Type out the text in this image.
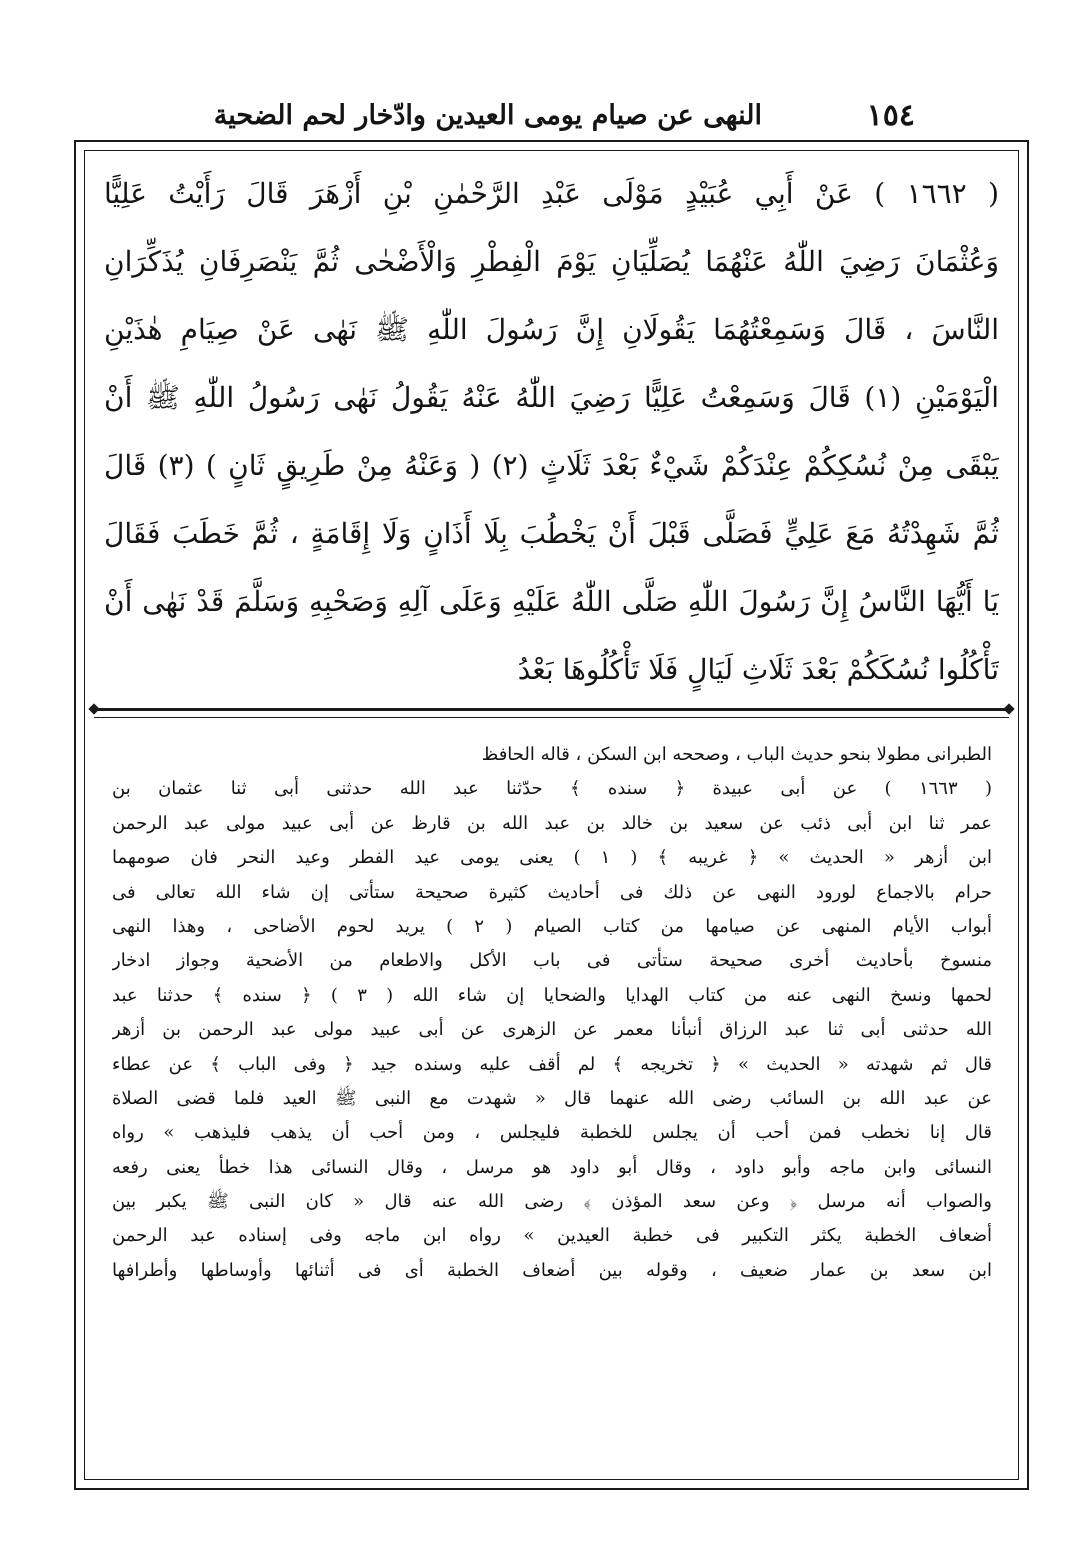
١٥٤
النهى عن صيام يومى العيدين وادّخار لحم الضحية
( ١٦٦٢ ) عَنْ أَبِي عُبَيْدٍ مَوْلَى عَبْدِ الرَّحْمٰنِ بْنِ أَزْهَرَ قَالَ رَأَيْتُ عَلِيًّا
وَعُثْمَانَ رَضِيَ اللّٰهُ عَنْهُمَا يُصَلِّيَانِ يَوْمَ الْفِطْرِ وَالْأَضْحٰى ثُمَّ يَنْصَرِفَانِ يُذَكِّرَانِ
النَّاسَ ، قَالَ وَسَمِعْتُهُمَا يَقُولَانِ إِنَّ رَسُولَ اللّٰهِ ﷺ نَهٰى عَنْ صِيَامِ هٰذَيْنِ
الْيَوْمَيْنِ (١) قَالَ وَسَمِعْتُ عَلِيًّا رَضِيَ اللّٰهُ عَنْهُ يَقُولُ نَهٰى رَسُولُ اللّٰهِ ﷺ أَنْ
يَبْقَى مِنْ نُسُكِكُمْ عِنْدَكُمْ شَيْءٌ بَعْدَ ثَلَاثٍ (٢) ( وَعَنْهُ مِنْ طَرِيقٍ ثَانٍ ) (٣) قَالَ
ثُمَّ شَهِدْتُهُ مَعَ عَلِيٍّ فَصَلَّى قَبْلَ أَنْ يَخْطُبَ بِلَا أَذَانٍ وَلَا إِقَامَةٍ ، ثُمَّ خَطَبَ فَقَالَ
يَا أَيُّهَا النَّاسُ إِنَّ رَسُولَ اللّٰهِ صَلَّى اللّٰهُ عَلَيْهِ وَعَلَى آلِهِ وَصَحْبِهِ وَسَلَّمَ قَدْ نَهٰى أَنْ
تَأْكُلُوا نُسُكَكُمْ بَعْدَ ثَلَاثِ لَيَالٍ فَلَا تَأْكُلُوهَا بَعْدُ
الطبرانى مطولا بنحو حديث الباب ، وصححه ابن السكن ، قاله الحافظ
( ١٦٦٣ ) عن أبى عبيدة ﴿ سنده ﴾ حدّثنا عبد الله حدثنى أبى ثنا عثمان بن
عمر ثنا ابن أبى ذئب عن سعيد بن خالد بن عبد الله بن قارظ عن أبى عبيد مولى عبد الرحمن
ابن أزهر « الحديث » ﴿ غريبه ﴾ ( ١ ) يعنى يومى عيد الفطر وعيد النحر فان صومهما
حرام بالاجماع لورود النهى عن ذلك فى أحاديث كثيرة صحيحة ستأتى إن شاء الله تعالى فى
أبواب الأيام المنهى عن صيامها من كتاب الصيام ( ٢ ) يريد لحوم الأضاحى ، وهذا النهى
منسوخ بأحاديث أخرى صحيحة ستأتى فى باب الأكل والاطعام من الأضحية وجواز ادخار
لحمها ونسخ النهى عنه من كتاب الهدايا والضحايا إن شاء الله ( ٣ ) ﴿ سنده ﴾ حدثنا عبد
الله حدثنى أبى ثنا عبد الرزاق أنبأنا معمر عن الزهرى عن أبى عبيد مولى عبد الرحمن بن أزهر
قال ثم شهدته « الحديث » ﴿ تخريجه ﴾ لم أقف عليه وسنده جيد ﴿ وفى الباب ﴾ عن عطاء
عن عبد الله بن السائب رضى الله عنهما قال « شهدت مع النبى ﷺ العيد فلما قضى الصلاة
قال إنا نخطب فمن أحب أن يجلس للخطبة فليجلس ، ومن أحب أن يذهب فليذهب » رواه
النسائى وابن ماجه وأبو داود ، وقال أبو داود هو مرسل ، وقال النسائى هذا خطأ يعنى رفعه
والصواب أنه مرسل ﴿ وعن سعد المؤذن ﴾ رضى الله عنه قال « كان النبى ﷺ يكبر بين
أضعاف الخطبة يكثر التكبير فى خطبة العيدين » رواه ابن ماجه وفى إسناده عبد الرحمن
ابن سعد بن عمار ضعيف ، وقوله بين أضعاف الخطبة أى فى أثنائها وأوساطها وأطرافها
